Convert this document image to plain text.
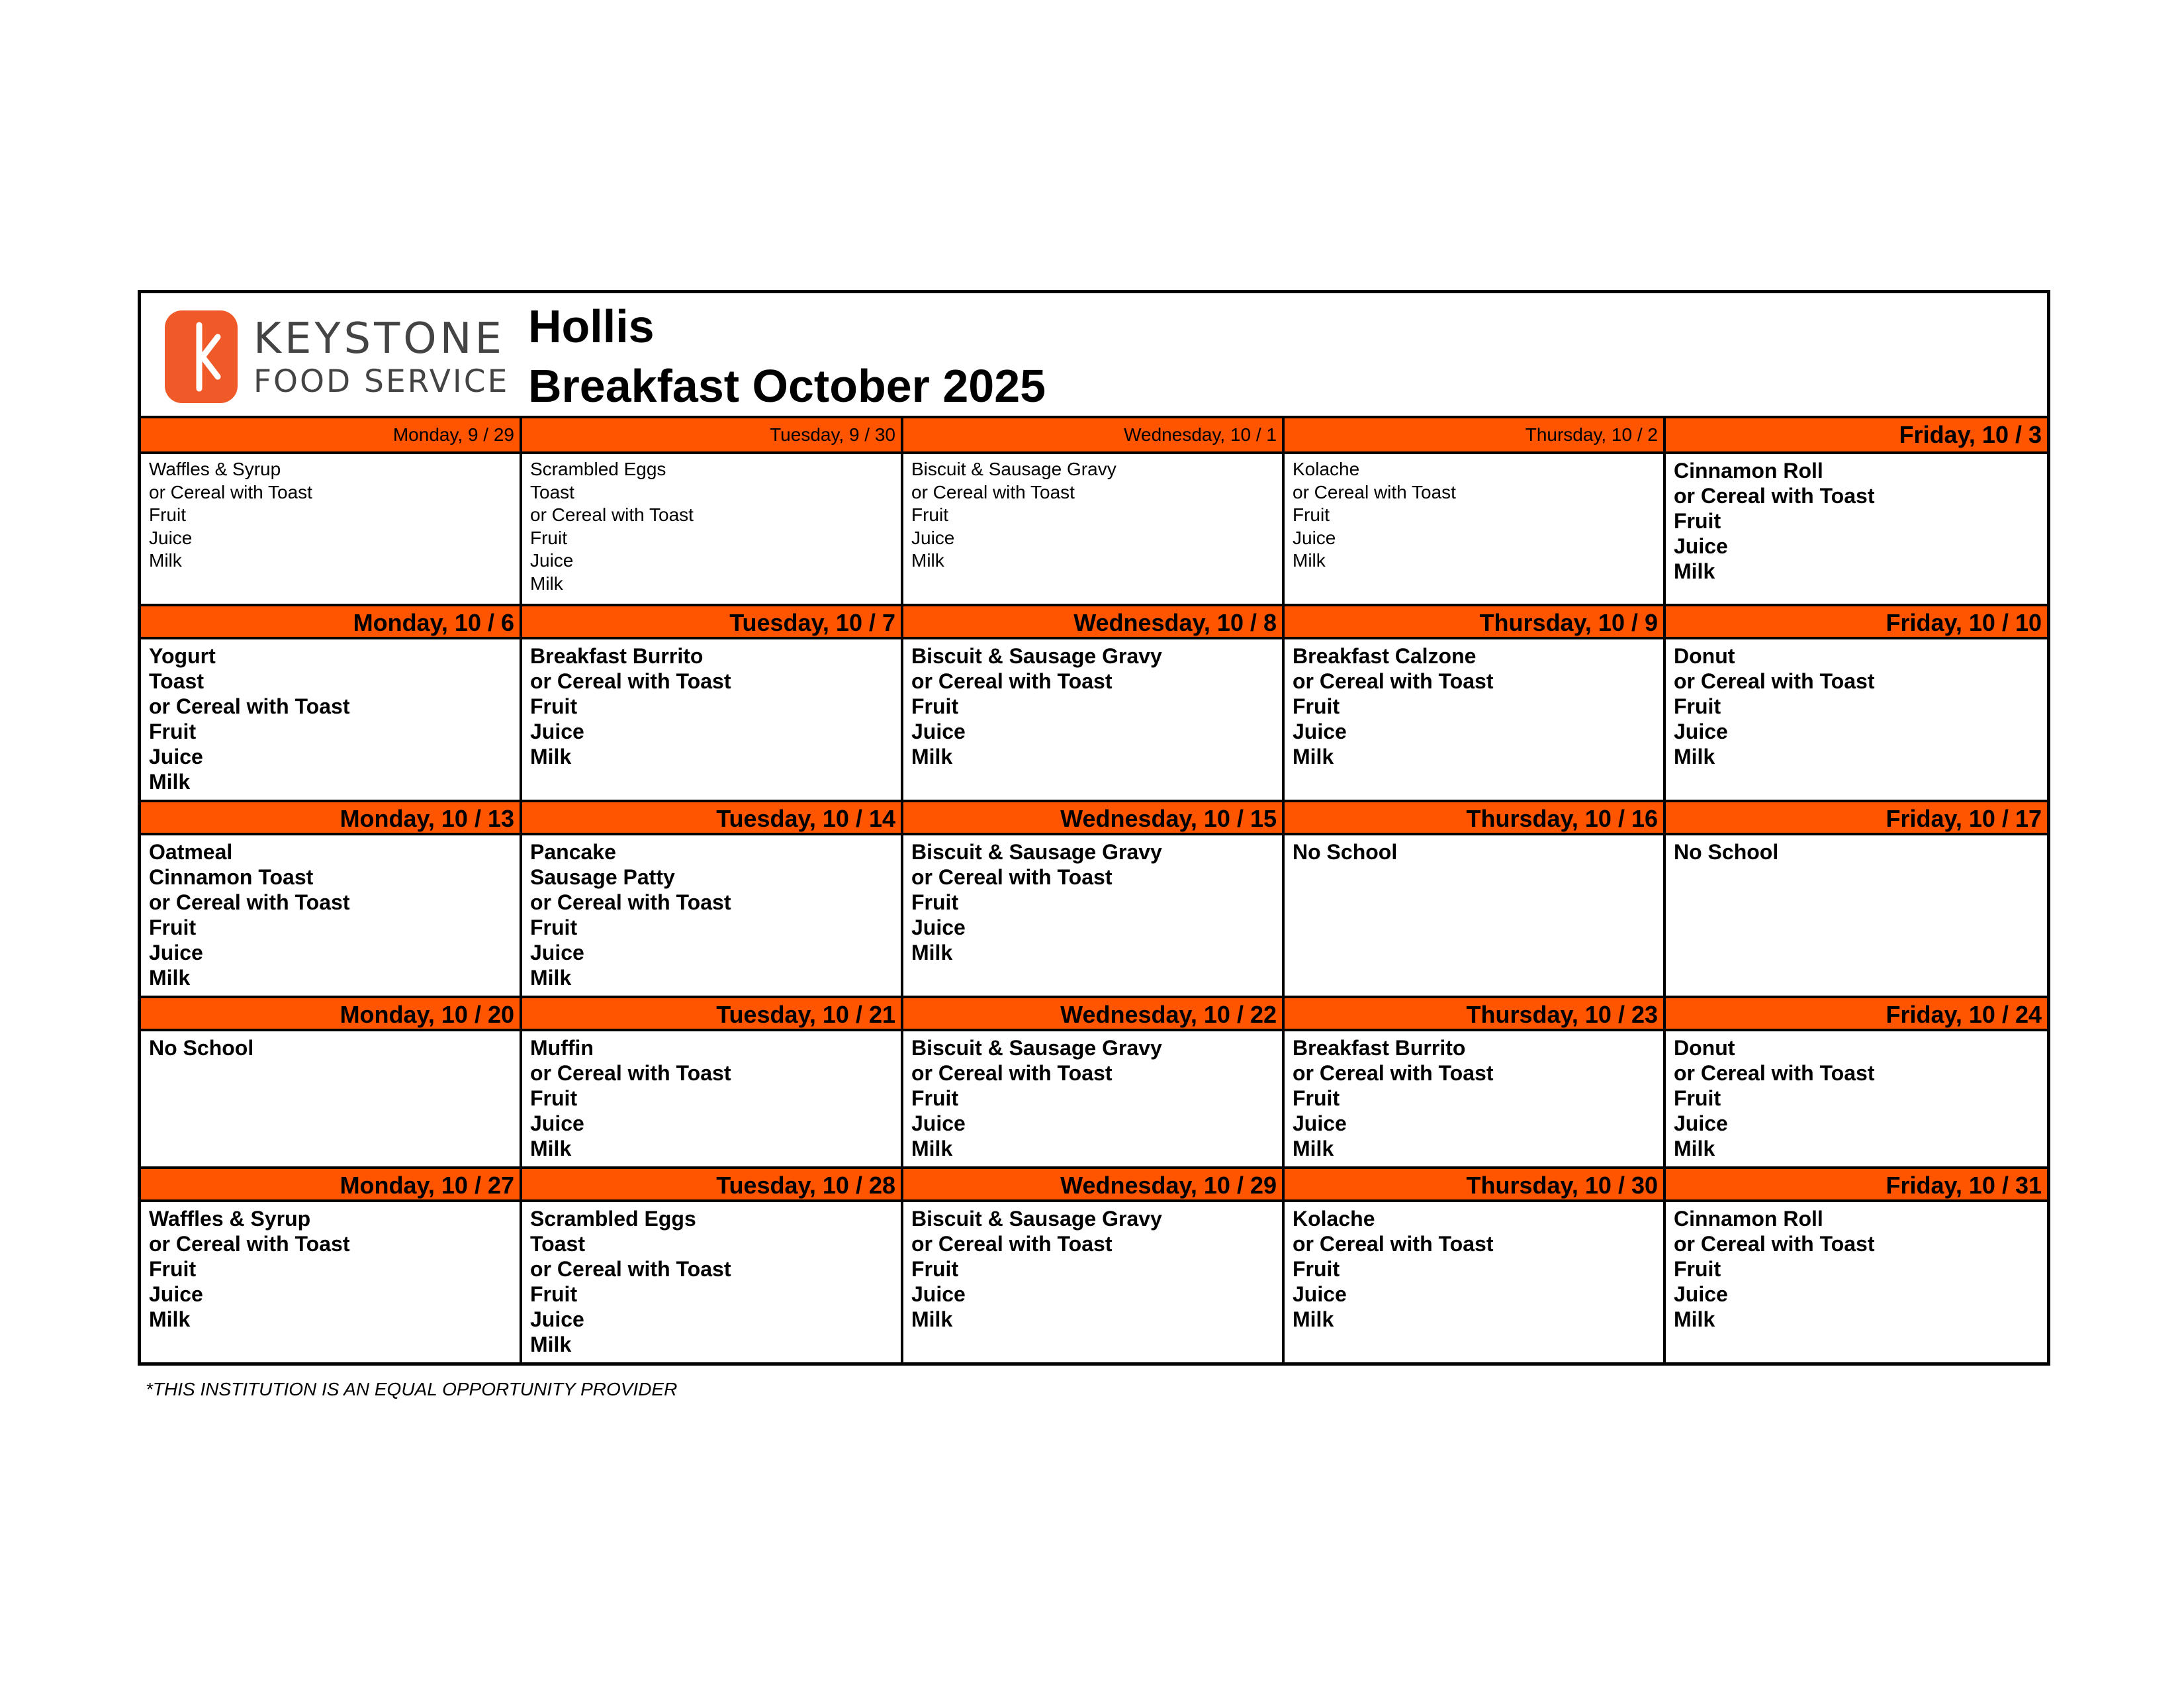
KEYSTONE
FOOD SERVICE
Hollis
Breakfast October 2025
Monday, 9 / 29
Waffles & Syrup
or Cereal with Toast
Fruit
Juice
Milk
Tuesday, 9 / 30
Scrambled Eggs
Toast
or Cereal with Toast
Fruit
Juice
Milk
Wednesday, 10 / 1
Biscuit & Sausage Gravy
or Cereal with Toast
Fruit
Juice
Milk
Thursday, 10 / 2
Kolache
or Cereal with Toast
Fruit
Juice
Milk
Friday, 10 / 3
Cinnamon Roll
or Cereal with Toast
Fruit
Juice
Milk
Monday, 10 / 6
Yogurt
Toast
or Cereal with Toast
Fruit
Juice
Milk
Tuesday, 10 / 7
Breakfast Burrito
or Cereal with Toast
Fruit
Juice
Milk
Wednesday, 10 / 8
Biscuit & Sausage Gravy
or Cereal with Toast
Fruit
Juice
Milk
Thursday, 10 / 9
Breakfast Calzone
or Cereal with Toast
Fruit
Juice
Milk
Friday, 10 / 10
Donut
or Cereal with Toast
Fruit
Juice
Milk
Monday, 10 / 13
Oatmeal
Cinnamon Toast
or Cereal with Toast
Fruit
Juice
Milk
Tuesday, 10 / 14
Pancake
Sausage Patty
or Cereal with Toast
Fruit
Juice
Milk
Wednesday, 10 / 15
Biscuit & Sausage Gravy
or Cereal with Toast
Fruit
Juice
Milk
Thursday, 10 / 16
No School
Friday, 10 / 17
No School
Monday, 10 / 20
No School
Tuesday, 10 / 21
Muffin
or Cereal with Toast
Fruit
Juice
Milk
Wednesday, 10 / 22
Biscuit & Sausage Gravy
or Cereal with Toast
Fruit
Juice
Milk
Thursday, 10 / 23
Breakfast Burrito
or Cereal with Toast
Fruit
Juice
Milk
Friday, 10 / 24
Donut
or Cereal with Toast
Fruit
Juice
Milk
Monday, 10 / 27
Waffles & Syrup
or Cereal with Toast
Fruit
Juice
Milk
Tuesday, 10 / 28
Scrambled Eggs
Toast
or Cereal with Toast
Fruit
Juice
Milk
Wednesday, 10 / 29
Biscuit & Sausage Gravy
or Cereal with Toast
Fruit
Juice
Milk
Thursday, 10 / 30
Kolache
or Cereal with Toast
Fruit
Juice
Milk
Friday, 10 / 31
Cinnamon Roll
or Cereal with Toast
Fruit
Juice
Milk
*THIS INSTITUTION IS AN EQUAL OPPORTUNITY PROVIDER
